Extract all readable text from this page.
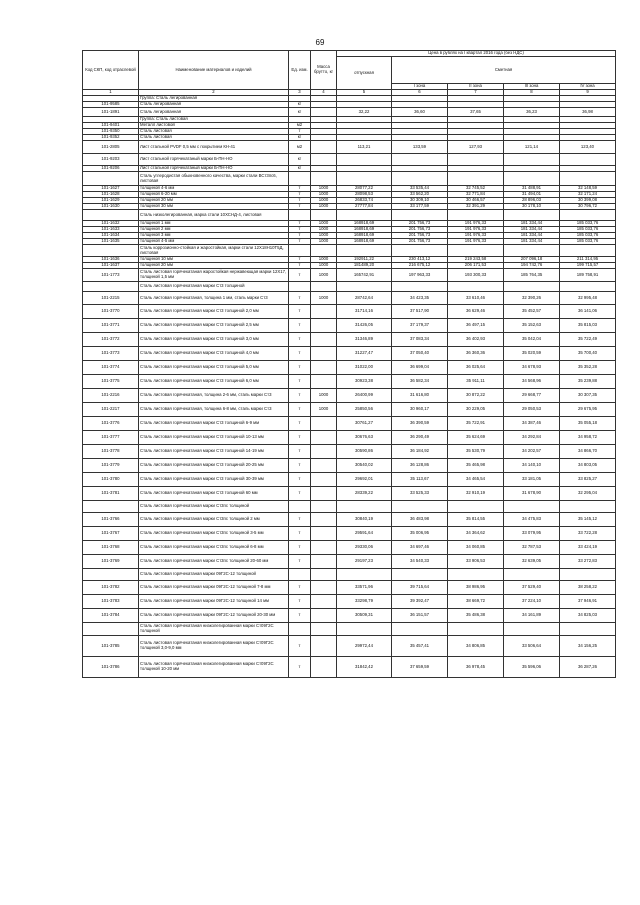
69
Код СКП, код отраслевой	Наименование материалов и изделий	Ед. изм.	Масса брутто, кг	Цена в рублях на I квартал 2016 года (без НДС)				
				отпускная	Сметная			
					I зона	II зона	III зона	IV зона
1	2	3	4	5	6	7	8	9
	Группа: Сталь легированная							
101-9585	Сталь легированная	кг						
101-1891	Сталь легированная	кг		32,22	36,60	37,65	36,23	36,98
	Группа: Сталь листовая							
101-9401	Металл листовой	м2						
101-9350	Сталь листовая	т						
101-9352	Сталь листовая	кг						
101-2805	Лист стальной PVDF 0,5 мм с покрытием КН-41	м2		113,21	133,59	127,93	121,14	123,40
101-9203	Лист стальной горячекатаный марки Б-ПН-НО	кг						
101-9206	Лист стальной горячекатаный марки Б-ПН-НО	кг						
	Сталь углеродистая обыкновенного качества, марки стали ВСт3пс6, листовая							
101-1627	толщиной 4-6 мм	т	1000	28077,22	33 535,44	32 745,52	31 488,91	32 148,59
101-1628	толщиной 6-20 мм	т	1000	28098,53	33 562,20	32 771,84	31 494,01	32 171,24
101-1629	толщиной 20 мм	т	1000	26833,74	30 309,10	30 466,57	28 896,03	30 399,08
101-1630	толщиной 30 мм	т	1000	27777,84	33 177,59	32 391,29	30 178,10	30 796,72
	Сталь низколегированная, марка стали 10ХСНД-4, листовая							
101-1632	толщиной 1 мм	т	1000	168918,69	201 756,73	191 976,33	181 334,44	185 033,76
101-1633	толщиной 2 мм	т	1000	168918,69	201 756,73	191 976,33	181 334,44	185 033,76
101-1634	толщиной 3 мм	т	1000	168918,69	201 756,73	191 976,33	181 334,44	185 033,76
101-1635	толщиной 4-5 мм	т	1000	168918,69	201 756,73	191 976,33	181 334,44	185 033,76
	Сталь коррозионно-стойкая и жаростойкая, марки стали 12Х18Н10Т5Д, листовая							
101-1636	толщиной 10 мм	т	1000	192911,22	230 413,12	219 243,58	207 096,18	211 314,95
101-1637	толщиной 20 мм	т	1000	181489,20	216 675,12	206 171,53	194 742,76	199 715,57
101-1773	Сталь листовая горячекатаная жаростойкая нержавеющая марки 12Х17, толщиной 1,5 мм	т	1000	165742,91	197 963,33	193 300,33	185 764,35	189 758,91
	Сталь листовая горячекатаная марки Ст3 толщиной							
101-2215	Сталь листовая горячекатаная, толщина 1 мм, сталь марки Ст3	т	1000	28742,64	34 423,35	33 610,46	32 390,26	32 995,48
101-3770	Сталь листовая горячекатаная марки Ст3 толщиной 2,0 мм	т		31714,16	37 517,90	36 629,46	35 452,57	36 141,06
101-3771	Сталь листовая горячекатаная марки Ст3 толщиной 2,5 мм	т		31426,05	37 179,37	36 497,15	35 152,63	35 815,03
101-3772	Сталь листовая горячекатаная марки Ст3 толщиной 3,0 мм	т		31346,89	37 083,34	36 402,93	35 042,04	35 722,49
101-3773	Сталь листовая горячекатаная марки Ст3 толщиной 4,0 мм	т		31227,47	37 050,40	36 360,36	35 020,59	35 700,40
101-3774	Сталь листовая горячекатаная марки Ст3 толщиной 5,0 мм	т		31022,00	36 699,04	36 025,64	34 678,93	35 352,28
101-3775	Сталь листовая горячекатаная марки Ст3 толщиной 6,0 мм	т		30923,38	36 582,34	35 911,11	34 568,96	35 239,88
101-2216	Сталь листовая горячекатаная, толщина 2-6 мм, сталь марки Ст3	т	1000	26400,99	31 616,80	30 872,22	29 668,77	30 307,35
101-2217	Сталь листовая горячекатаная, толщина 6-8 мм, сталь марки Ст3	т	1000	25850,56	30 960,17	30 229,05	29 050,53	29 675,95
101-3776	Сталь листовая горячекатаная марки Ст3 толщиной 6-9 мм	т		30761,27	36 390,59	35 722,91	34 387,46	35 055,18
101-3777	Сталь листовая горячекатаная марки Ст3 толщиной 10-13 мм	т		30676,63	36 290,49	35 624,69	34 292,84	34 958,72
101-3778	Сталь листовая горячекатаная марки Ст3 толщиной 14-19 мм	т		30590,86	36 184,92	35 530,79	34 202,57	34 866,70
101-3779	Сталь листовая горячекатаная марки Ст3 толщиной 20-25 мм	т		30540,02	36 128,86	35 465,98	34 140,10	34 803,05
101-3780	Сталь листовая горячекатаная марки Ст3 толщиной 30-39 мм	т		29692,01	35 113,67	34 465,54	33 181,05	33 825,27
101-3781	Сталь листовая горячекатаная марки Ст3 толщиной 60 мм	т		28339,22	33 525,33	32 910,19	31 678,90	32 295,04
	Сталь листовая горячекатаная марки Ст3пс толщиной							
101-3766	Сталь листовая горячекатаная марки Ст3пс толщиной 2 мм	т		30840,19	36 483,98	35 814,55	34 475,83	35 145,12
101-3767	Сталь листовая горячекатаная марки Ст3пс толщиной 3-5 мм	т		29591,64	35 006,95	34 364,62	33 079,95	33 722,28
101-3768	Сталь листовая горячекатаная марки Ст3пс толщиной 6-8 мм	т		29330,06	34 697,46	34 060,85	32 787,53	33 424,19
101-3769	Сталь листовая горячекатаная марки Ст3пс толщиной 20-60 мм	т		29197,23	34 540,33	33 906,53	32 639,05	33 272,83
	Сталь листовая горячекатаная марки 09Г2С-12 толщиной							
101-3782	Сталь листовая горячекатаная марки 09Г2С-12 толщиной 7-8 мм	т		33571,96	39 715,64	38 986,95	37 529,40	38 258,22
101-3783	Сталь листовая горячекатаная марки 09Г2С-12 толщиной 14 мм	т		33298,79	39 392,47	38 669,72	37 224,10	37 946,91
101-3784	Сталь листовая горячекатаная марки 09Г2С-12 толщиной 20-30 мм	т		30509,31	36 151,57	35 486,38	34 161,89	34 825,03
	Сталь листовая горячекатаная низколегированная марки Ст09Г2С толщиной							
101-3785	Сталь листовая горячекатаная низколегированная марки Ст09Г2С толщиной 3,0-9,0 мм	т		29972,44	35 457,41	34 806,85	33 506,64	34 156,25
101-3786	Сталь листовая горячекатаная низколегированная марки Ст09Г2С толщиной 10-20 мм	т		31842,42	37 659,59	36 978,45	35 596,06	36 287,26
